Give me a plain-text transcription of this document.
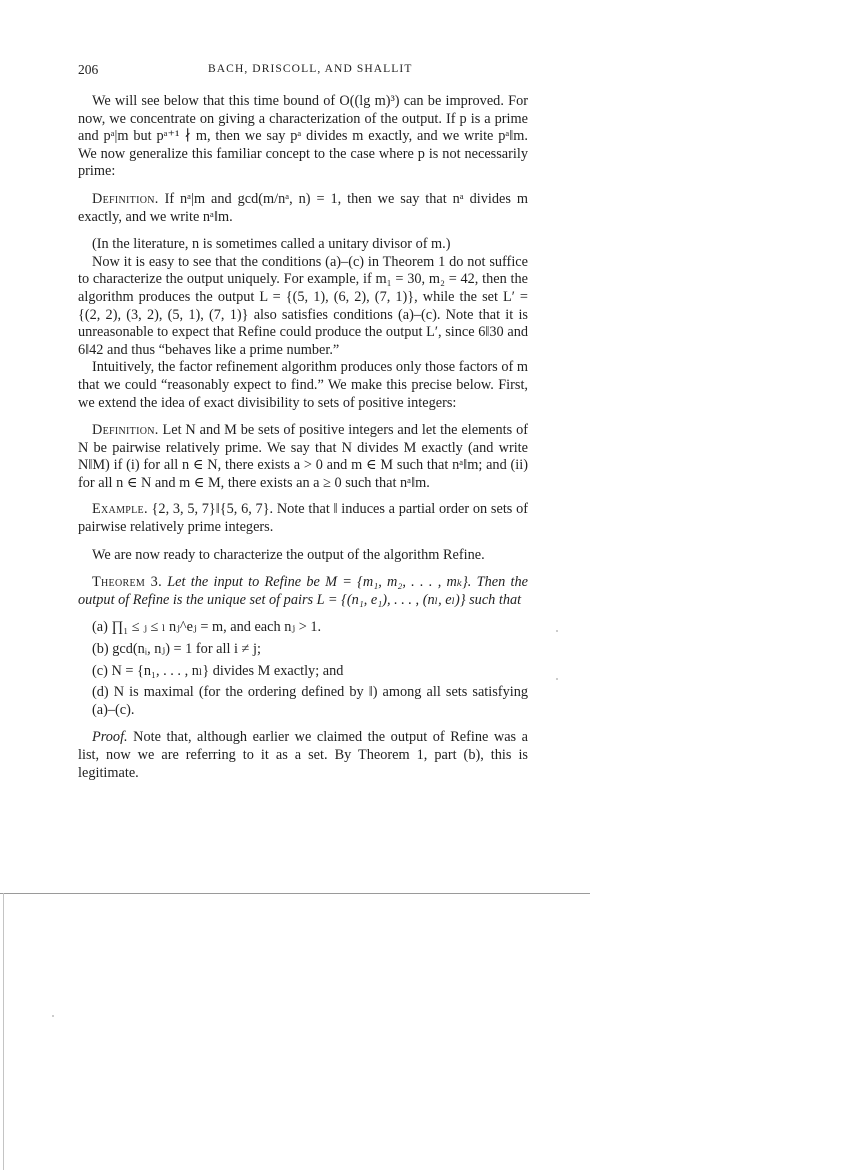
206	BACH, DRISCOLL, AND SHALLIT

We will see below that this time bound of O((lg m)³) can be improved. For now, we concentrate on giving a characterization of the output. If p is a prime and pᵃ|m but pᵃ⁺¹ ∤ m, then we say pᵃ divides m exactly, and we write pᵃ‖m. We now generalize this familiar concept to the case where p is not necessarily prime:

Definition. If nᵃ|m and gcd(m/nᵃ, n) = 1, then we say that nᵃ divides m exactly, and we write nᵃ‖m.

(In the literature, n is sometimes called a unitary divisor of m.)

Now it is easy to see that the conditions (a)–(c) in Theorem 1 do not suffice to characterize the output uniquely. For example, if m₁ = 30, m₂ = 42, then the algorithm produces the output L = {(5, 1), (6, 2), (7, 1)}, while the set L′ = {(2, 2), (3, 2), (5, 1), (7, 1)} also satisfies conditions (a)–(c). Note that it is unreasonable to expect that Refine could produce the output L′, since 6‖30 and 6‖42 and thus “behaves like a prime number.”

Intuitively, the factor refinement algorithm produces only those factors of m that we could “reasonably expect to find.” We make this precise below. First, we extend the idea of exact divisibility to sets of positive integers:

Definition. Let N and M be sets of positive integers and let the elements of N be pairwise relatively prime. We say that N divides M exactly (and write N‖M) if (i) for all n ∈ N, there exists a > 0 and m ∈ M such that nᵃ‖m; and (ii) for all n ∈ N and m ∈ M, there exists an a ≥ 0 such that nᵃ‖m.

Example. {2, 3, 5, 7}‖{5, 6, 7}. Note that ‖ induces a partial order on sets of pairwise relatively prime integers.

We are now ready to characterize the output of the algorithm Refine.

Theorem 3. Let the input to Refine be M = {m₁, m₂, . . . , mₖ}. Then the output of Refine is the unique set of pairs L = {(n₁, e₁), . . . , (nₗ, eₗ)} such that

(a) ∏₁ ≤ ⱼ ≤ ₗ nⱼ^eⱼ = m, and each nⱼ > 1.

(b) gcd(nᵢ, nⱼ) = 1 for all i ≠ j;

(c) N = {n₁, . . . , nₗ} divides M exactly; and

(d) N is maximal (for the ordering defined by ‖) among all sets satisfying (a)–(c).

Proof. Note that, although earlier we claimed the output of Refine was a list, now we are referring to it as a set. By Theorem 1, part (b), this is legitimate.
